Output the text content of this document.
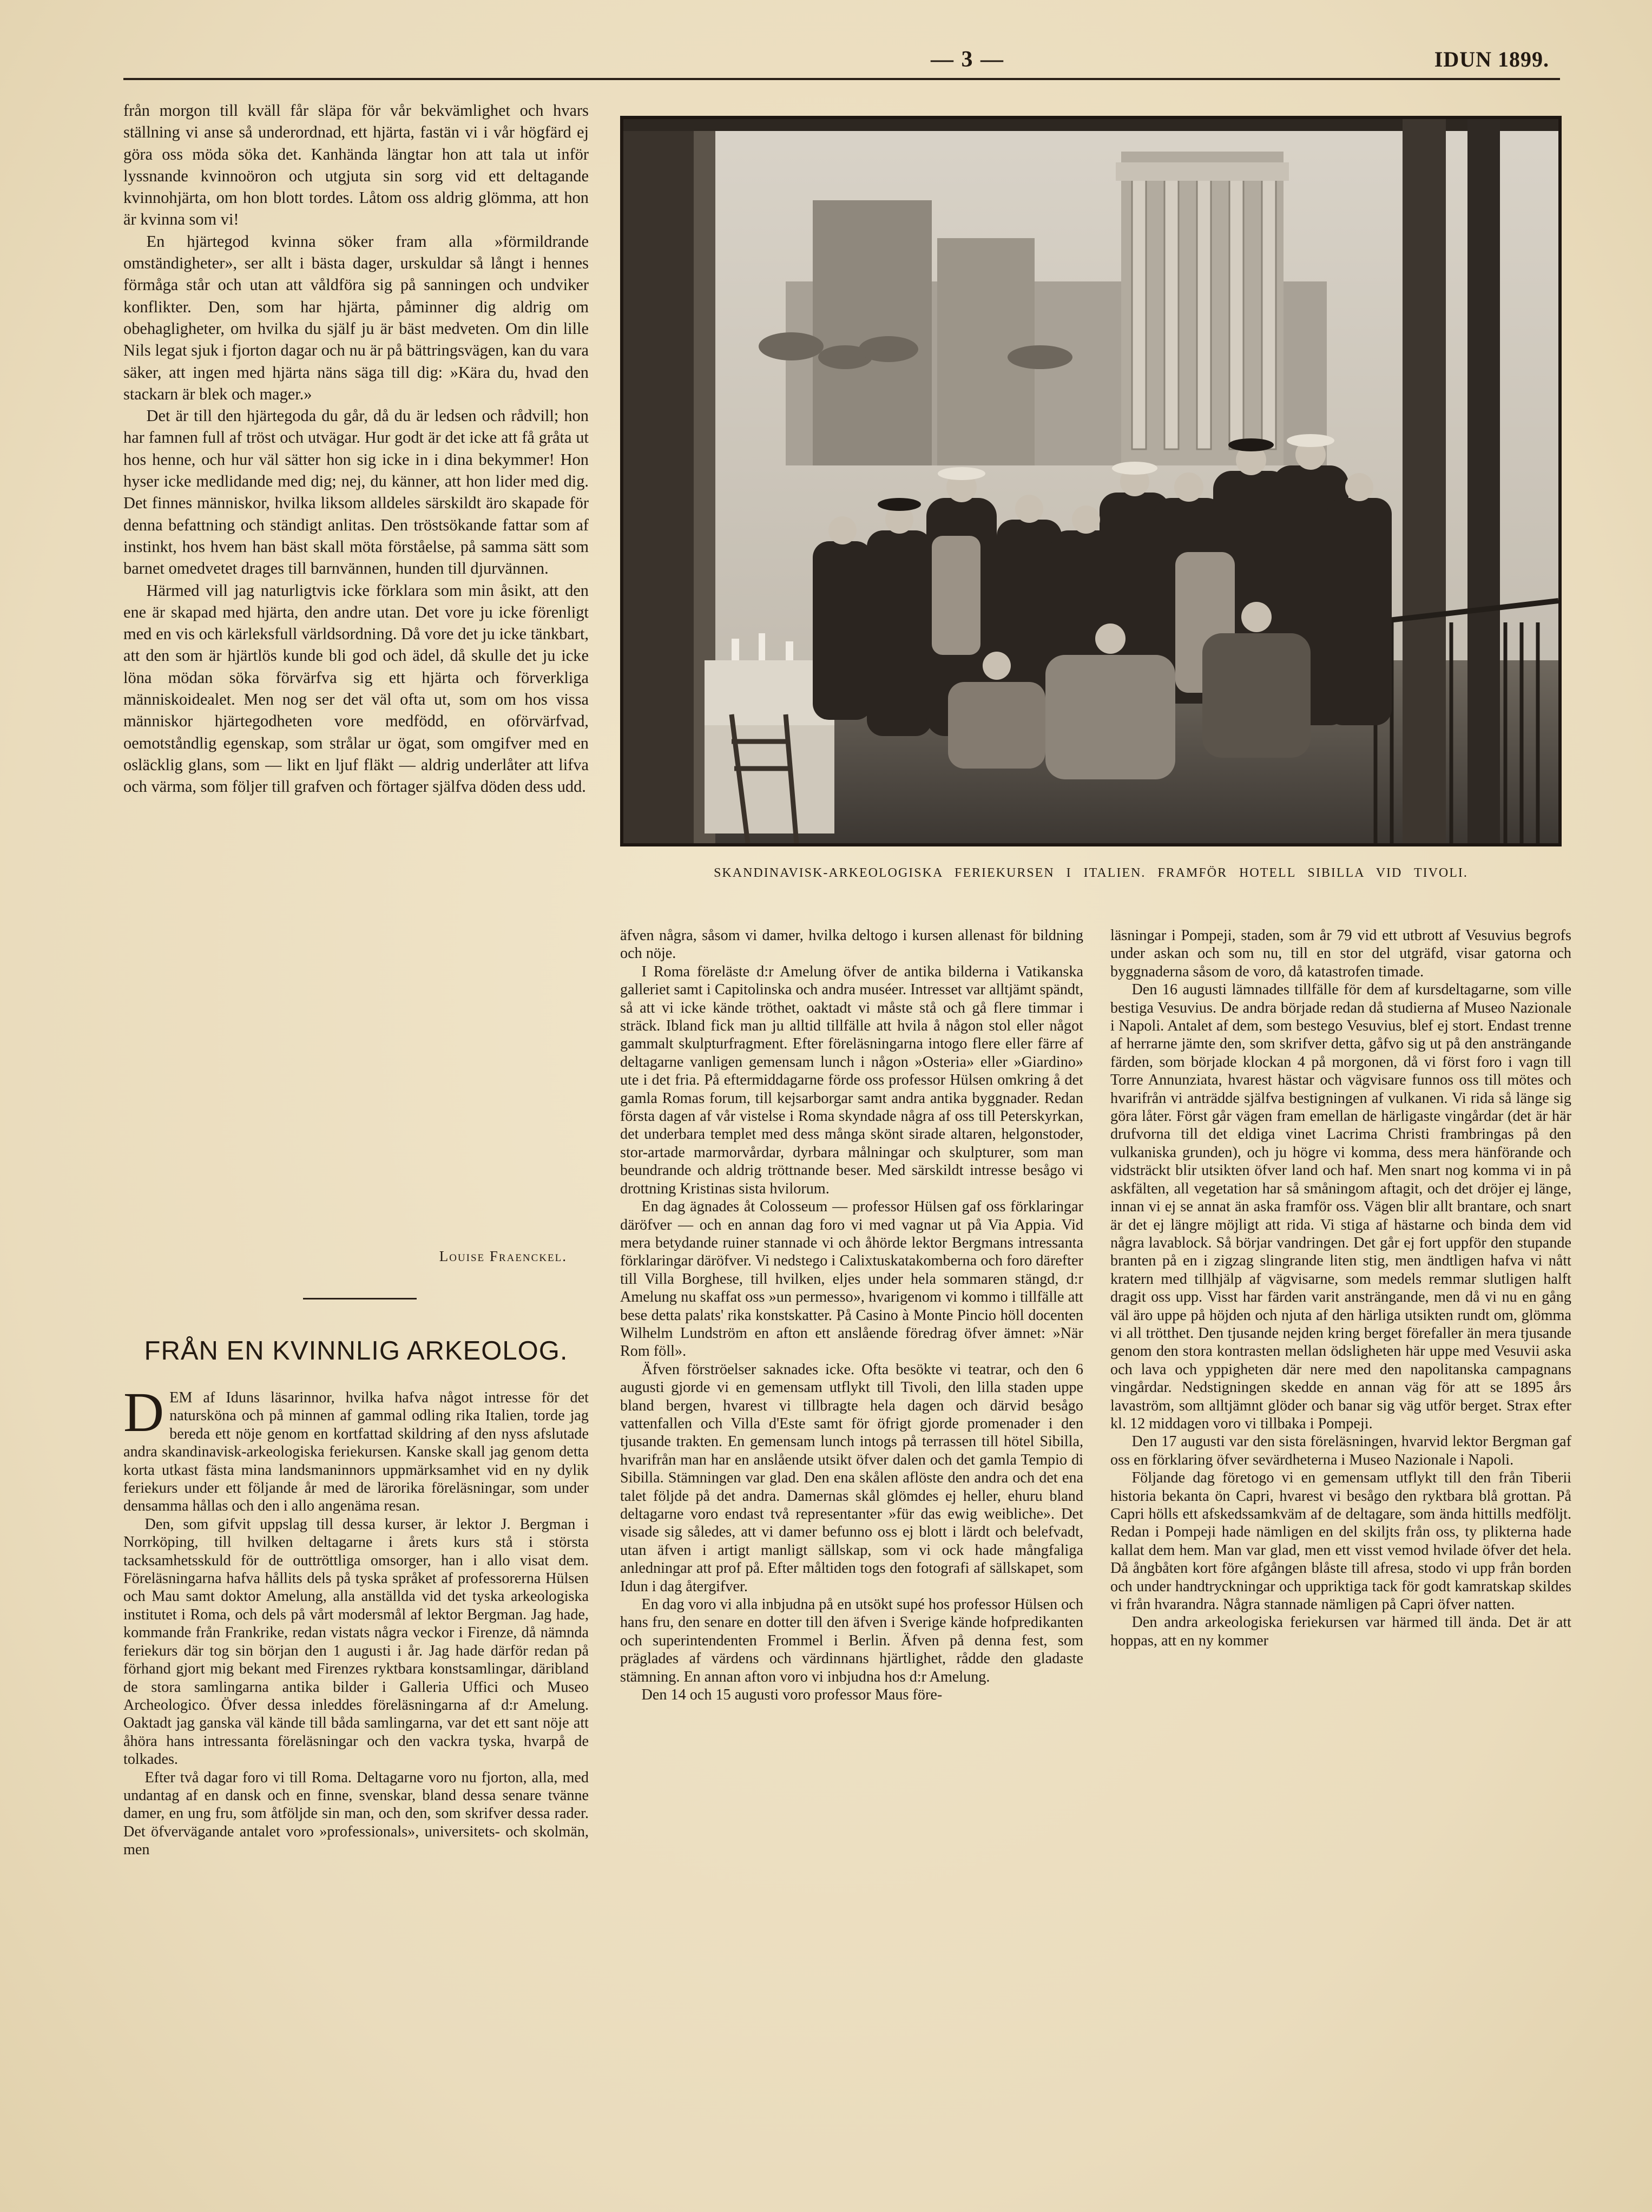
— 3 —	IDUN 1899.

från morgon till kväll får släpa för vår bekvämlighet och hvars ställning vi anse så underordnad, ett hjärta, fastän vi i vår högfärd ej göra oss möda söka det. Kanhända längtar hon att tala ut inför lyssnande kvinnoöron och utgjuta sin sorg vid ett deltagande kvinnohjärta, om hon blott tordes. Låtom oss aldrig glömma, att hon är kvinna som vi!

En hjärtegod kvinna söker fram alla »förmildrande omständigheter», ser allt i bästa dager, urskuldar så långt i hennes förmåga står och utan att våldföra sig på sanningen och undviker konflikter. Den, som har hjärta, påminner dig aldrig om obehagligheter, om hvilka du själf ju är bäst medveten. Om din lille Nils legat sjuk i fjorton dagar och nu är på bättringsvägen, kan du vara säker, att ingen med hjärta näns säga till dig: »Kära du, hvad den stackarn är blek och mager.»

Det är till den hjärtegoda du går, då du är ledsen och rådvill; hon har famnen full af tröst och utvägar. Hur godt är det icke att få gråta ut hos henne, och hur väl sätter hon sig icke in i dina bekymmer! Hon hyser icke medlidande med dig; nej, du känner, att hon lider med dig. Det finnes människor, hvilka liksom alldeles särskildt äro skapade för denna befattning och ständigt anlitas. Den tröstsökande fattar som af instinkt, hos hvem han bäst skall möta förståelse, på samma sätt som barnet omedvetet drages till barnvännen, hunden till djurvännen.

Härmed vill jag naturligtvis icke förklara som min åsikt, att den ene är skapad med hjärta, den andre utan. Det vore ju icke förenligt med en vis och kärleksfull världsordning. Då vore det ju icke tänkbart, att den som är hjärtlös kunde bli god och ädel, då skulle det ju icke löna mödan söka förvärfva sig ett hjärta och förverkliga människoidealet. Men nog ser det väl ofta ut, som om hos vissa människor hjärtegodheten vore medfödd, en oförvärfvad, oemotståndlig egenskap, som strålar ur ögat, som omgifver med en osläcklig glans, som — likt en ljuf fläkt — aldrig underlåter att lifva och värma, som följer till grafven och förtager själfva döden dess udd.

Louise Fraenckel.
FRÅN EN KVINNLIG ARKEOLOG.

DEM af Iduns läsarinnor, hvilka hafva något intresse för det natursköna och på minnen af gammal odling rika Italien, torde jag bereda ett nöje genom en kortfattad skildring af den nyss afslutade andra skandinavisk-arkeologiska feriekursen. Kanske skall jag genom detta korta utkast fästa mina landsmaninnors uppmärksamhet vid en ny dylik feriekurs under ett följande år med de lärorika föreläsningar, som under densamma hållas och den i allo angenäma resan.

Den, som gifvit uppslag till dessa kurser, är lektor J. Bergman i Norrköping, till hvilken deltagarne i årets kurs stå i största tacksamhetsskuld för de outtröttliga omsorger, han i allo visat dem. Föreläsningarna hafva hållits dels på tyska språket af professorerna Hülsen och Mau samt doktor Amelung, alla anställda vid det tyska arkeologiska institutet i Roma, och dels på vårt modersmål af lektor Bergman. Jag hade, kommande från Frankrike, redan vistats några veckor i Firenze, då nämnda feriekurs där tog sin början den 1 augusti i år. Jag hade därför redan på förhand gjort mig bekant med Firenzes ryktbara konstsamlingar, däribland de stora samlingarna antika bilder i Galleria Uffici och Museo Archeologico. Öfver dessa inleddes föreläsningarna af d:r Amelung. Oaktadt jag ganska väl kände till båda samlingarna, var det ett sant nöje att åhöra hans intressanta föreläsningar och den vackra tyska, hvarpå de tolkades.

Efter två dagar foro vi till Roma. Deltagarne voro nu fjorton, alla, med undantag af en dansk och en finne, svenskar, bland dessa senare tvänne damer, en ung fru, som åtföljde sin man, och den, som skrifver dessa rader. Det öfvervägande antalet voro »professionals», universitets- och skolmän, men

SKANDINAVISK-ARKEOLOGISKA FERIEKURSEN I ITALIEN. FRAMFÖR HOTELL SIBILLA VID TIVOLI.

äfven några, såsom vi damer, hvilka deltogo i kursen allenast för bildning och nöje.

I Roma föreläste d:r Amelung öfver de antika bilderna i Vatikanska galleriet samt i Capitolinska och andra muséer. Intresset var alltjämt spändt, så att vi icke kände tröthet, oaktadt vi måste stå och gå flere timmar i sträck. Ibland fick man ju alltid tillfälle att hvila å någon stol eller något gammalt skulpturfragment. Efter föreläsningarna intogo flere eller färre af deltagarne vanligen gemensam lunch i någon »Osteria» eller »Giardino» ute i det fria. På eftermiddagarne förde oss professor Hülsen omkring å det gamla Romas forum, till kejsarborgar samt andra antika byggnader. Redan första dagen af vår vistelse i Roma skyndade några af oss till Peterskyrkan, det underbara templet med dess många skönt sirade altaren, helgonstoder, stor-artade marmorvårdar, dyrbara målningar och skulpturer, som man beundrande och aldrig tröttnande beser. Med särskildt intresse besågo vi drottning Kristinas sista hvilorum.

En dag ägnades åt Colosseum — professor Hülsen gaf oss förklaringar däröfver — och en annan dag foro vi med vagnar ut på Via Appia. Vid mera betydande ruiner stannade vi och åhörde lektor Bergmans intressanta förklaringar däröfver. Vi nedstego i Calixtuskatakomberna och foro därefter till Villa Borghese, till hvilken, eljes under hela sommaren stängd, d:r Amelung nu skaffat oss »un permesso», hvarigenom vi kommo i tillfälle att bese detta palats' rika konstskatter. På Casino à Monte Pincio höll docenten Wilhelm Lundström en afton ett anslående föredrag öfver ämnet: »När Rom föll».

Äfven förströelser saknades icke. Ofta besökte vi teatrar, och den 6 augusti gjorde vi en gemensam utflykt till Tivoli, den lilla staden uppe bland bergen, hvarest vi tillbragte hela dagen och därvid besågo vattenfallen och Villa d'Este samt för öfrigt gjorde promenader i den tjusande trakten. En gemensam lunch intogs på terrassen till hötel Sibilla, hvarifrån man har en anslående utsikt öfver dalen och det gamla Tempio di Sibilla. Stämningen var glad. Den ena skålen aflöste den andra och det ena talet följde på det andra. Damernas skål glömdes ej heller, ehuru bland deltagarne voro endast två representanter »für das ewig weibliche». Det visade sig således, att vi damer befunno oss ej blott i lärdt och belefvadt, utan äfven i artigt manligt sällskap, som vi ock hade mångfaliga anledningar att prof på. Efter måltiden togs den fotografi af sällskapet, som Idun i dag återgifver.

En dag voro vi alla inbjudna på en utsökt supé hos professor Hülsen och hans fru, den senare en dotter till den äfven i Sverige kände hofpredikanten och superintendenten Frommel i Berlin. Äfven på denna fest, som präglades af värdens och värdinnans hjärtlighet, rådde den gladaste stämning. En annan afton voro vi inbjudna hos d:r Amelung.

Den 14 och 15 augusti voro professor Maus före-

läsningar i Pompeji, staden, som år 79 vid ett utbrott af Vesuvius begrofs under askan och som nu, till en stor del utgräfd, visar gatorna och byggnaderna såsom de voro, då katastrofen timade.

Den 16 augusti lämnades tillfälle för dem af kursdeltagarne, som ville bestiga Vesuvius. De andra började redan då studierna af Museo Nazionale i Napoli. Antalet af dem, som bestego Vesuvius, blef ej stort. Endast trenne af herrarne jämte den, som skrifver detta, gåfvo sig ut på den ansträngande färden, som började klockan 4 på morgonen, då vi först foro i vagn till Torre Annunziata, hvarest hästar och vägvisare funnos oss till mötes och hvarifrån vi anträdde själfva bestigningen af vulkanen. Vi rida så länge sig göra låter. Först går vägen fram emellan de härligaste vingårdar (det är här drufvorna till det eldiga vinet Lacrima Christi frambringas på den vulkaniska grunden), och ju högre vi komma, dess mera hänförande och vidsträckt blir utsikten öfver land och haf. Men snart nog komma vi in på askfälten, all vegetation har så småningom aftagit, och det dröjer ej länge, innan vi ej se annat än aska framför oss. Vägen blir allt brantare, och snart är det ej längre möjligt att rida. Vi stiga af hästarne och binda dem vid några lavablock. Så börjar vandringen. Det går ej fort uppför den stupande branten på en i zigzag slingrande liten stig, men ändtligen hafva vi nått kratern med tillhjälp af vägvisarne, som medels remmar slutligen halft dragit oss upp. Visst har färden varit ansträngande, men då vi nu en gång väl äro uppe på höjden och njuta af den härliga utsikten rundt om, glömma vi all trötthet. Den tjusande nejden kring berget förefaller än mera tjusande genom den stora kontrasten mellan ödsligheten här uppe med Vesuvii aska och lava och yppigheten där nere med den napolitanska campagnans vingårdar. Nedstigningen skedde en annan väg för att se 1895 års lavaström, som alltjämnt glöder och banar sig väg utför berget. Strax efter kl. 12 middagen voro vi tillbaka i Pompeji.

Den 17 augusti var den sista föreläsningen, hvarvid lektor Bergman gaf oss en förklaring öfver sevärdheterna i Museo Nazionale i Napoli.

Följande dag företogo vi en gemensam utflykt till den från Tiberii historia bekanta ön Capri, hvarest vi besågo den ryktbara blå grottan. På Capri hölls ett afskedssamkväm af de deltagare, som ända hittills medföljt. Redan i Pompeji hade nämligen en del skiljts från oss, ty plikterna hade kallat dem hem. Man var glad, men ett visst vemod hvilade öfver det hela. Då ångbåten kort före afgången blåste till afresa, stodo vi upp från borden och under handtryckningar och uppriktiga tack för godt kamratskap skildes vi från hvarandra. Några stannade nämligen på Capri öfver natten.

Den andra arkeologiska feriekursen var härmed till ända. Det är att hoppas, att en ny kommer
